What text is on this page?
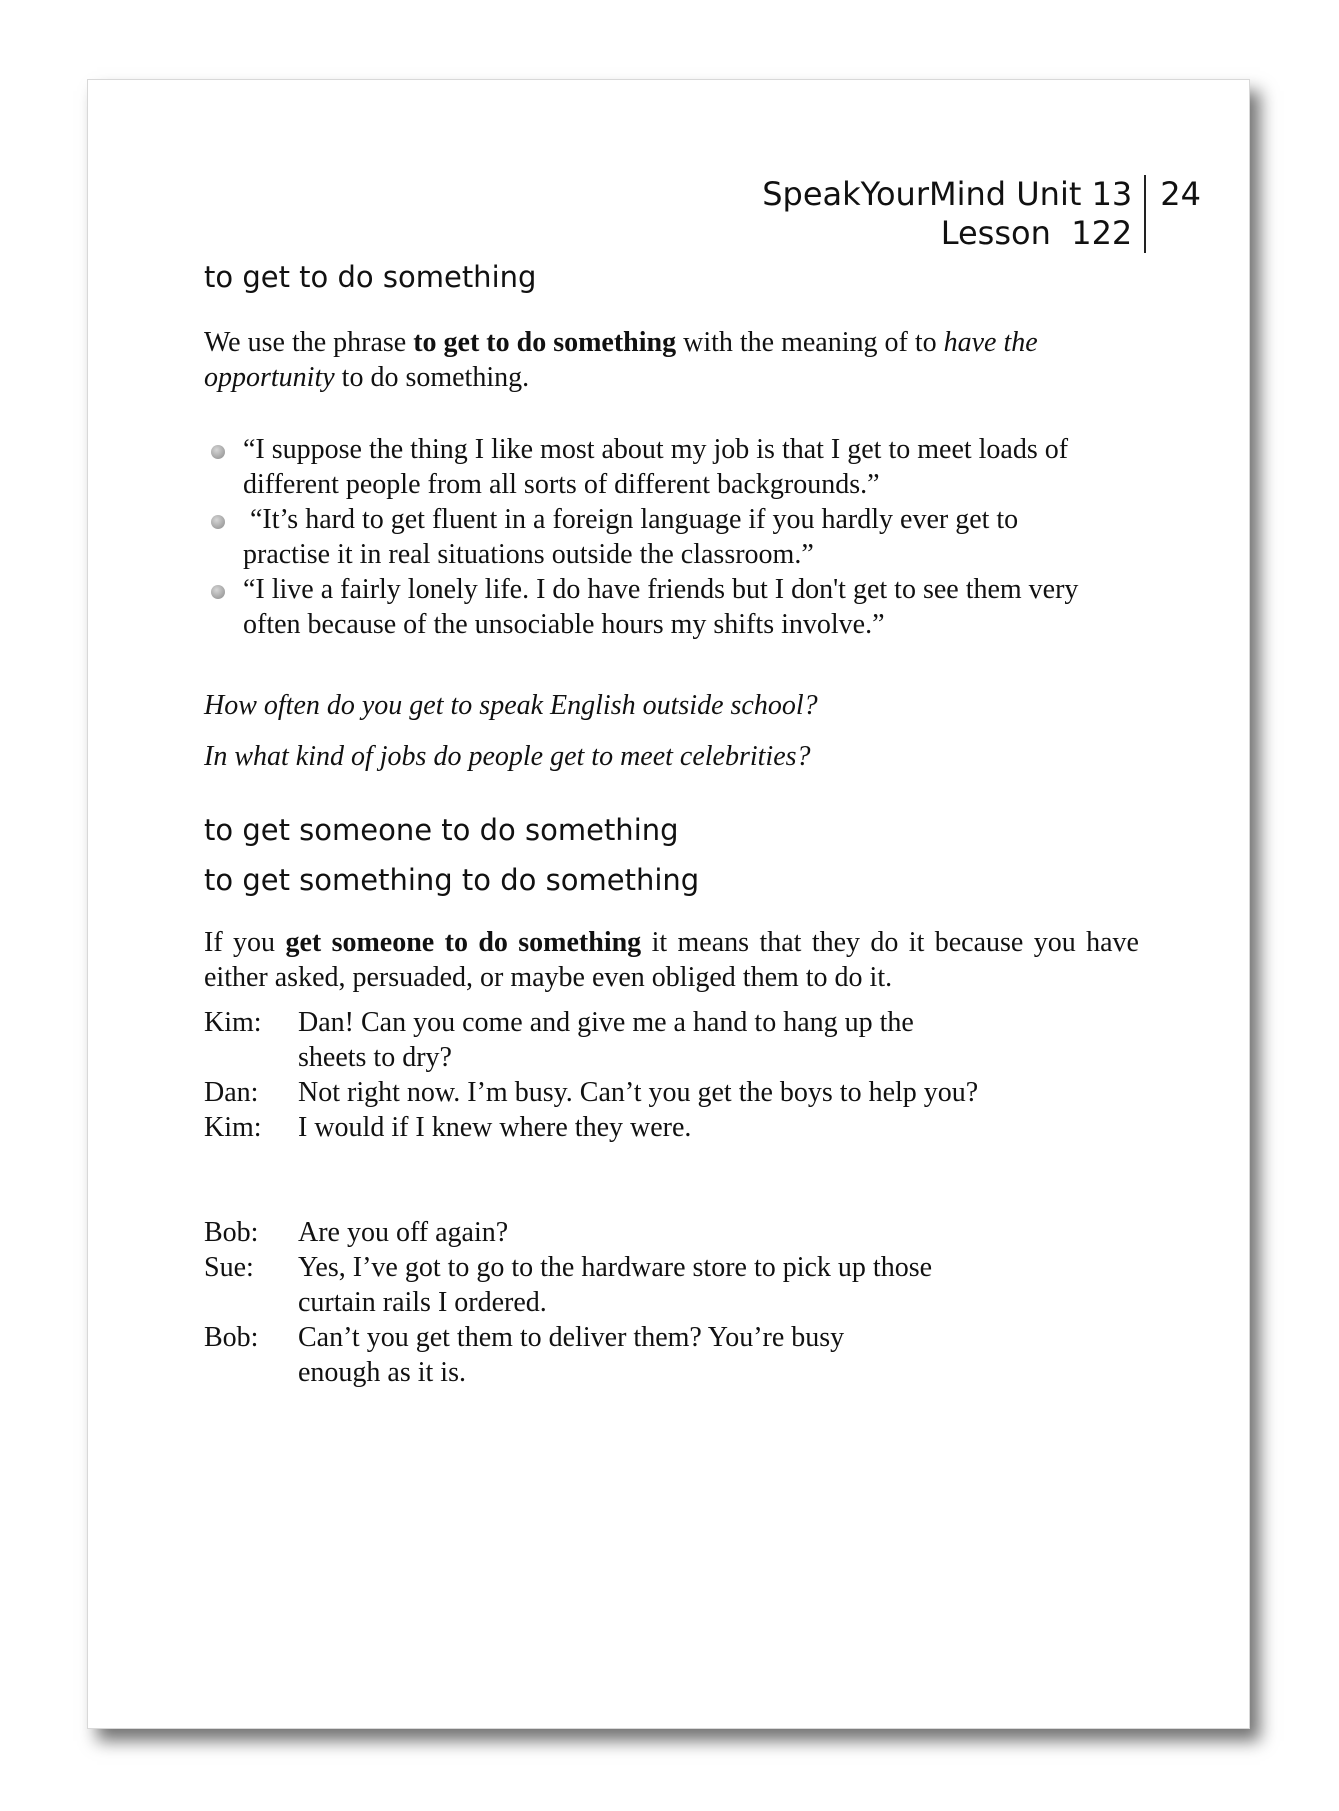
SpeakYourMind Unit 13
Lesson  122
24
to get to do something
We use the phrase to get to do something with the meaning of to have the opportunity to do something.
“I suppose the thing I like most about my job is that I get to meet loads of different people from all sorts of different backgrounds.”
“It’s hard to get fluent in a foreign language if you hardly ever get to practise it in real situations outside the classroom.”
“I live a fairly lonely life. I do have friends but I don't get to see them very often because of the unsociable hours my shifts involve.”
How often do you get to speak English outside school?
In what kind of jobs do people get to meet celebrities?
to get someone to do something
to get something to do something
If you get someone to do something it means that they do it because you have either asked, persuaded, or maybe even obliged them to do it.
Kim:	Dan! Can you come and give me a hand to hang up the sheets to dry?
Dan:	Not right now. I’m busy. Can’t you get the boys to help you?
Kim:	I would if I knew where they were.
Bob:	Are you off again?
Sue:	Yes, I’ve got to go to the hardware store to pick up those curtain rails I ordered.
Bob:	Can’t you get them to deliver them? You’re busy enough as it is.
